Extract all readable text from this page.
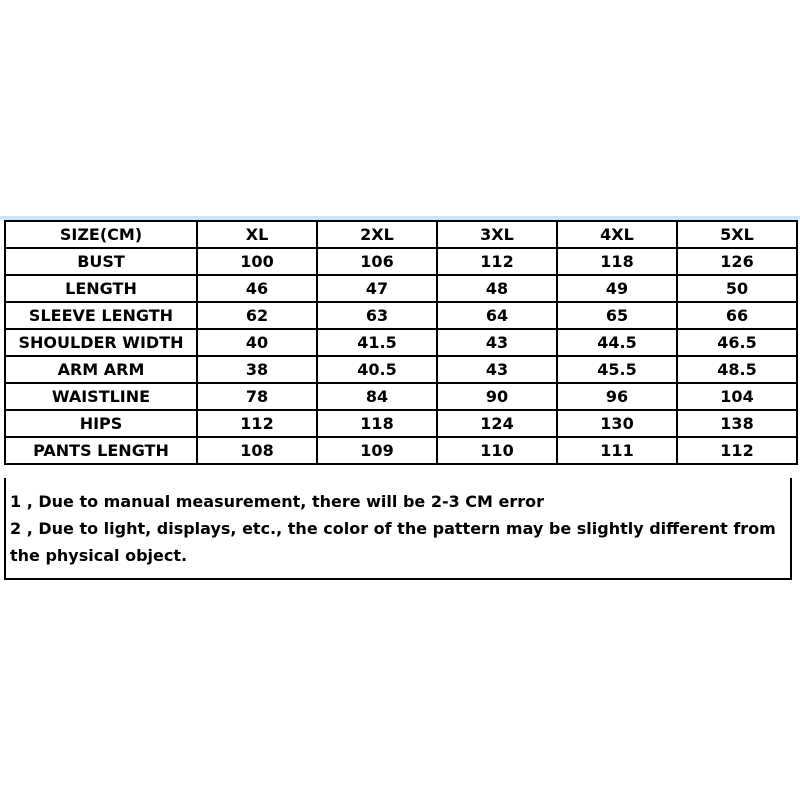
SIZE(CM)	XL	2XL	3XL	4XL	5XL
BUST	100	106	112	118	126
LENGTH	46	47	48	49	50
SLEEVE LENGTH	62	63	64	65	66
SHOULDER WIDTH	40	41.5	43	44.5	46.5
ARM ARM	38	40.5	43	45.5	48.5
WAISTLINE	78	84	90	96	104
HIPS	112	118	124	130	138
PANTS LENGTH	108	109	110	111	112

1 , Due to manual measurement, there will be 2-3 CM error

2 , Due to light, displays, etc., the color of the pattern may be slightly different from the physical object.
